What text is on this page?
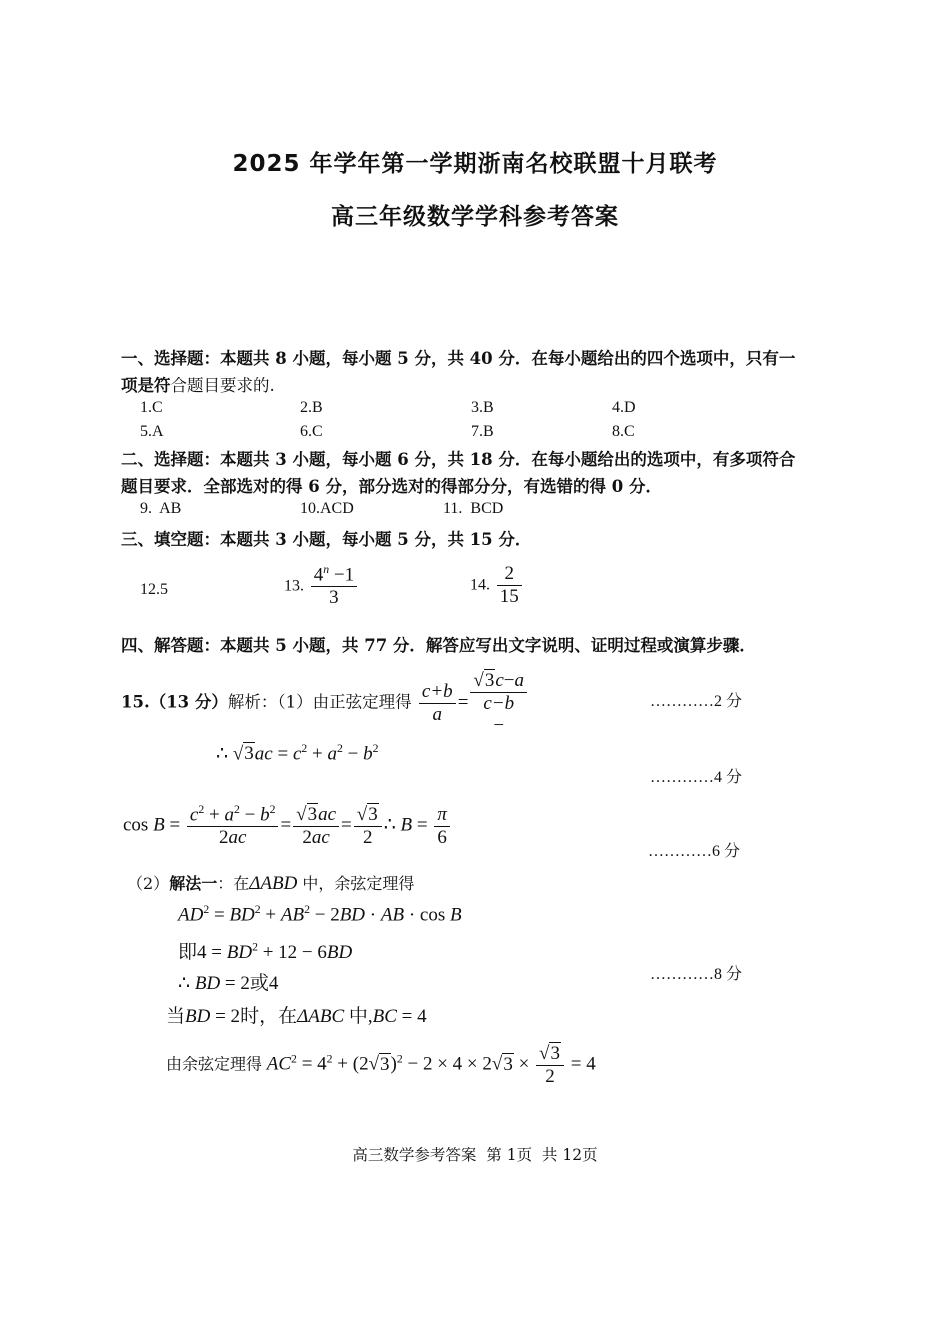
2025 年学年第一学期浙南名校联盟十月联考
高三年级数学学科参考答案
一、选择题：本题共 8 小题，每小题 5 分，共 40 分．在每小题给出的四个选项中，只有一
项是符合题目要求的.
1.C	2.B	3.B	4.D
5.A	6.C	7.B	8.C
二、选择题：本题共 3 小题，每小题 6 分，共 18 分．在每小题给出的选项中，有多项符合
题目要求．全部选对的得 6 分，部分选对的得部分分，有选错的得 0 分．
9.  AB	10.ACD	11.  BCD
三、填空题：本题共 3 小题，每小题 5 分，共 15 分．
12.5	13. $\frac{4^n -1}{3}$	14. $\frac{2}{15}$
四、解答题：本题共 5 小题，共 77 分．解答应写出文字说明、证明过程或演算步骤．
15.（13 分）解析：（1）由正弦定理得 $\frac{c+b}{a}$ =
√3c−a
c−b
−
…………2 分
∴ $√3ac = c^2 + a^2 - b^2$
…………4 分
$\cos B = \frac{c^2 + a^2 - b^2}{2ac} = \frac{√3ac}{2ac} = \frac{√3}{2}$ ∴ $B = \frac{\pi}{6}$
…………6 分
（2）解法一：在ΔABD 中，余弦定理得
$AD^2 = BD^2 + AB^2 - 2BD$ · AB · cos B
即$4 = BD^2 + 12 - 6BD$
∴ BD = 2或4	…………8 分
当BD = 2时，在ΔABC 中,BC = 4
由余弦定理得 $AC^2 = 4^2 + (2√3)^2 - 2 \times 4 \times 2√3 \times \frac{√3}{2} = 4$
高三数学参考答案  第 1页  共 12页
